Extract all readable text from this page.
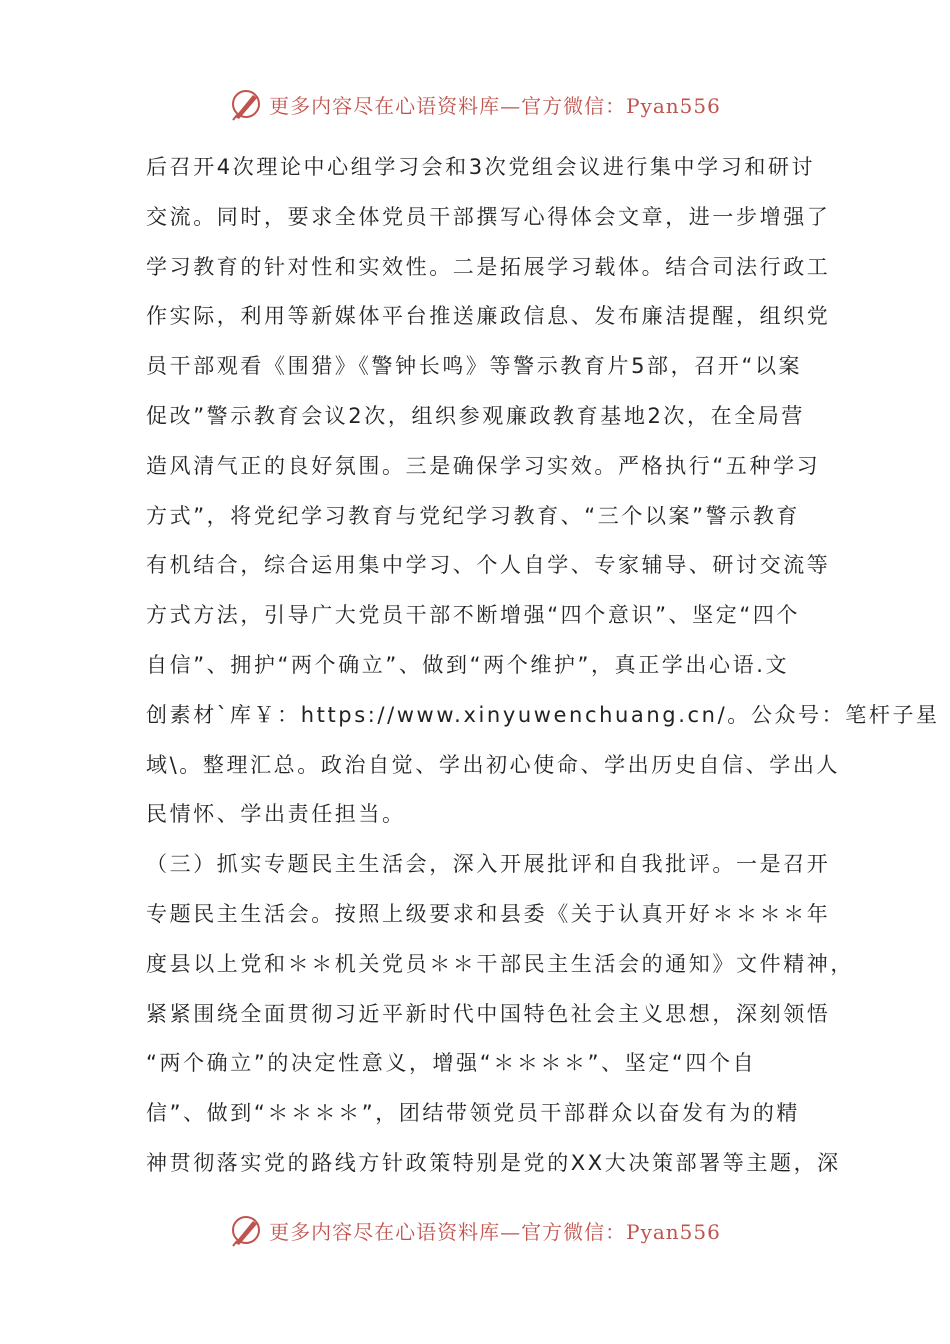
更多内容尽在心语资料库—官方微信：Pyan556
后召开4次理论中心组学习会和3次党组会议进行集中学习和研讨
交流。同时，要求全体党员干部撰写心得体会文章，进一步增强了
学习教育的针对性和实效性。二是拓展学习载体。结合司法行政工
作实际，利用等新媒体平台推送廉政信息、发布廉洁提醒，组织党
员干部观看《围猎》《警钟长鸣》等警示教育片5部，召开“以案
促改”警示教育会议2次，组织参观廉政教育基地2次，在全局营
造风清气正的良好氛围。三是确保学习实效。严格执行“五种学习
方式”，将党纪学习教育与党纪学习教育、“三个以案”警示教育
有机结合，综合运用集中学习、个人自学、专家辅导、研讨交流等
方式方法，引导广大党员干部不断增强“四个意识”、坚定“四个
自信”、拥护“两个确立”、做到“两个维护”，真正学出心语.文
创素材`库￥：https://www.xinyuwenchuang.cn/。公众号：笔杆子星
域\。整理汇总。政治自觉、学出初心使命、学出历史自信、学出人
民情怀、学出责任担当。
（三）抓实专题民主生活会，深入开展批评和自我批评。一是召开
专题民主生活会。按照上级要求和县委《关于认真开好＊＊＊＊年
度县以上党和＊＊机关党员＊＊干部民主生活会的通知》文件精神，
紧紧围绕全面贯彻习近平新时代中国特色社会主义思想，深刻领悟
“两个确立”的决定性意义，增强“＊＊＊＊”、坚定“四个自
信”、做到“＊＊＊＊”，团结带领党员干部群众以奋发有为的精
神贯彻落实党的路线方针政策特别是党的XX大决策部署等主题，深
更多内容尽在心语资料库—官方微信：Pyan556
